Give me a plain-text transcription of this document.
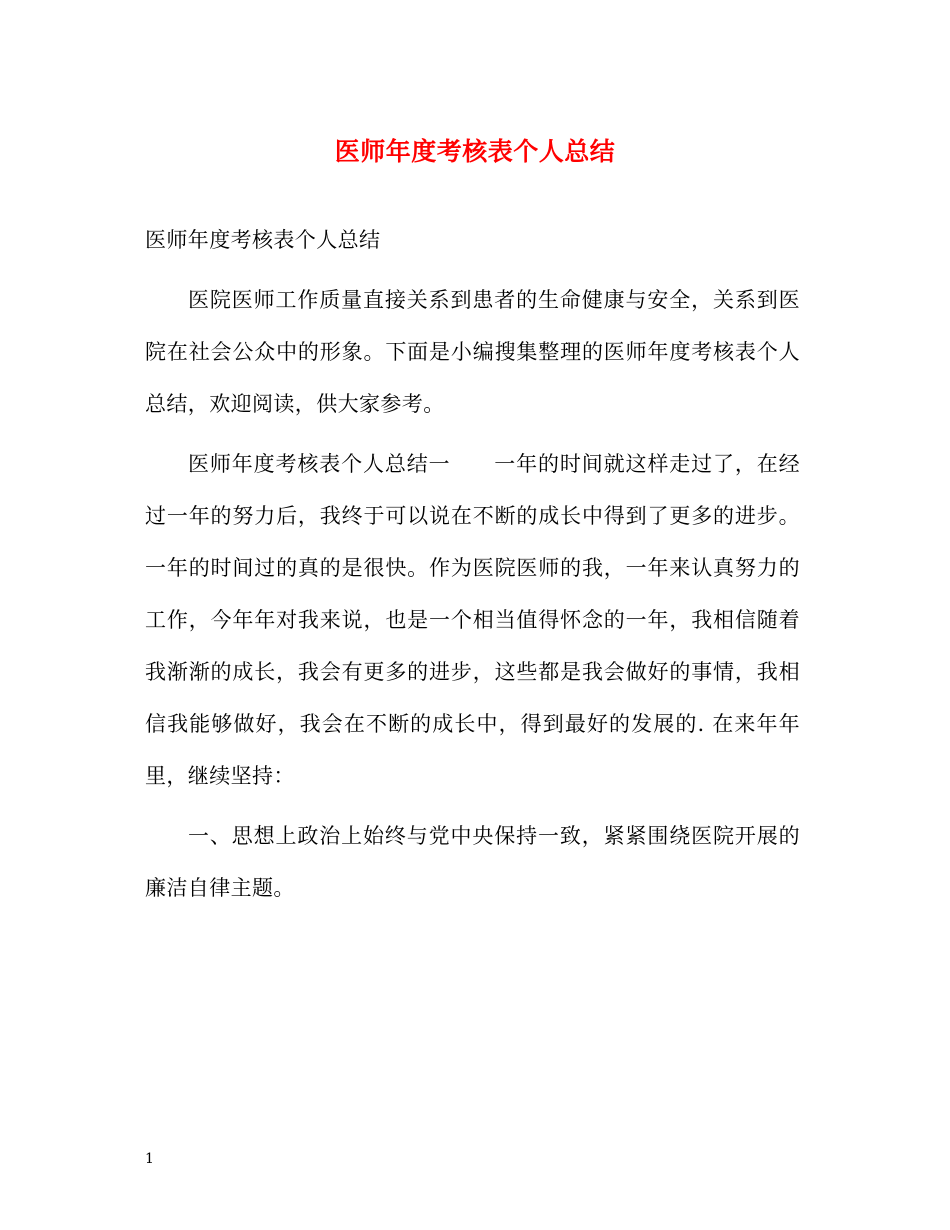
医师年度考核表个人总结

医师年度考核表个人总结

医院医师工作质量直接关系到患者的生命健康与安全，关系到医院在社会公众中的形象。下面是小编搜集整理的医师年度考核表个人总结，欢迎阅读，供大家参考。

医师年度考核表个人总结一　　一年的时间就这样走过了，在经过一年的努力后，我终于可以说在不断的成长中得到了更多的进步。一年的时间过的真的是很快。作为医院医师的我，一年来认真努力的工作，今年年对我来说，也是一个相当值得怀念的一年，我相信随着我渐渐的成长，我会有更多的进步，这些都是我会做好的事情，我相信我能够做好，我会在不断的成长中，得到最好的发展的. 在来年年里，继续坚持：

一、思想上政治上始终与党中央保持一致，紧紧围绕医院开展的廉洁自律主题。

1
